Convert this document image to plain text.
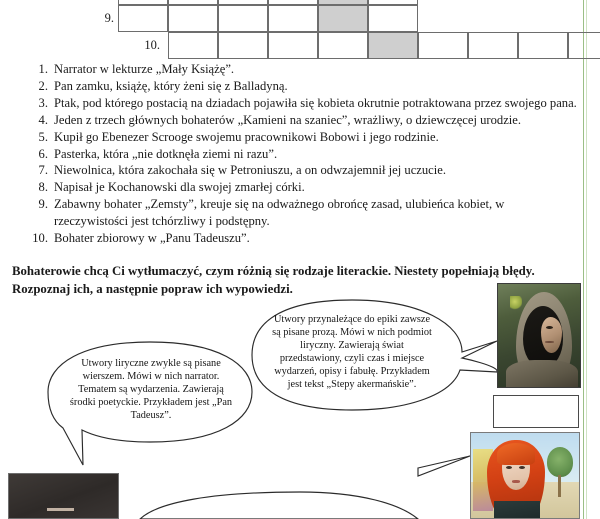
9.
10.
1. Narrator w lekturze „Mały Książę”.
2. Pan zamku, książę, który żeni się z Balladyną.
3. Ptak, pod którego postacią na dziadach pojawiła się kobieta okrutnie potraktowana przez swojego pana.
4. Jeden z trzech głównych bohaterów „Kamieni na szaniec”, wrażliwy, o dziewczęcej urodzie.
5. Kupił go Ebenezer Scrooge swojemu pracownikowi Bobowi i jego rodzinie.
6. Pasterka, która „nie dotknęła ziemi ni razu”.
7. Niewolnica, która zakochała się w Petroniuszu, a on odwzajemnił jej uczucie.
8. Napisał je Kochanowski dla swojej zmarłej córki.
9. Zabawny bohater „Zemsty”, kreuje się na odważnego obrońcę zasad, ulubieńca kobiet, w rzeczywistości jest tchórzliwy i podstępny.
10. Bohater zbiorowy w „Panu Tadeuszu”.
Bohaterowie chcą Ci wytłumaczyć, czym różnią się rodzaje literackie. Niestety popełniają błędy.
Rozpoznaj ich, a następnie popraw ich wypowiedzi.
Utwory przynależące do epiki zawsze są pisane prozą. Mówi w nich podmiot liryczny. Zawierają świat przedstawiony, czyli czas i miejsce wydarzeń, opisy i fabułę. Przykładem jest tekst „Stepy akermańskie”.
Utwory liryczne zwykle są pisane wierszem. Mówi w nich narrator. Tematem są wydarzenia. Zawierają środki poetyckie. Przykładem jest „Pan Tadeusz”.
